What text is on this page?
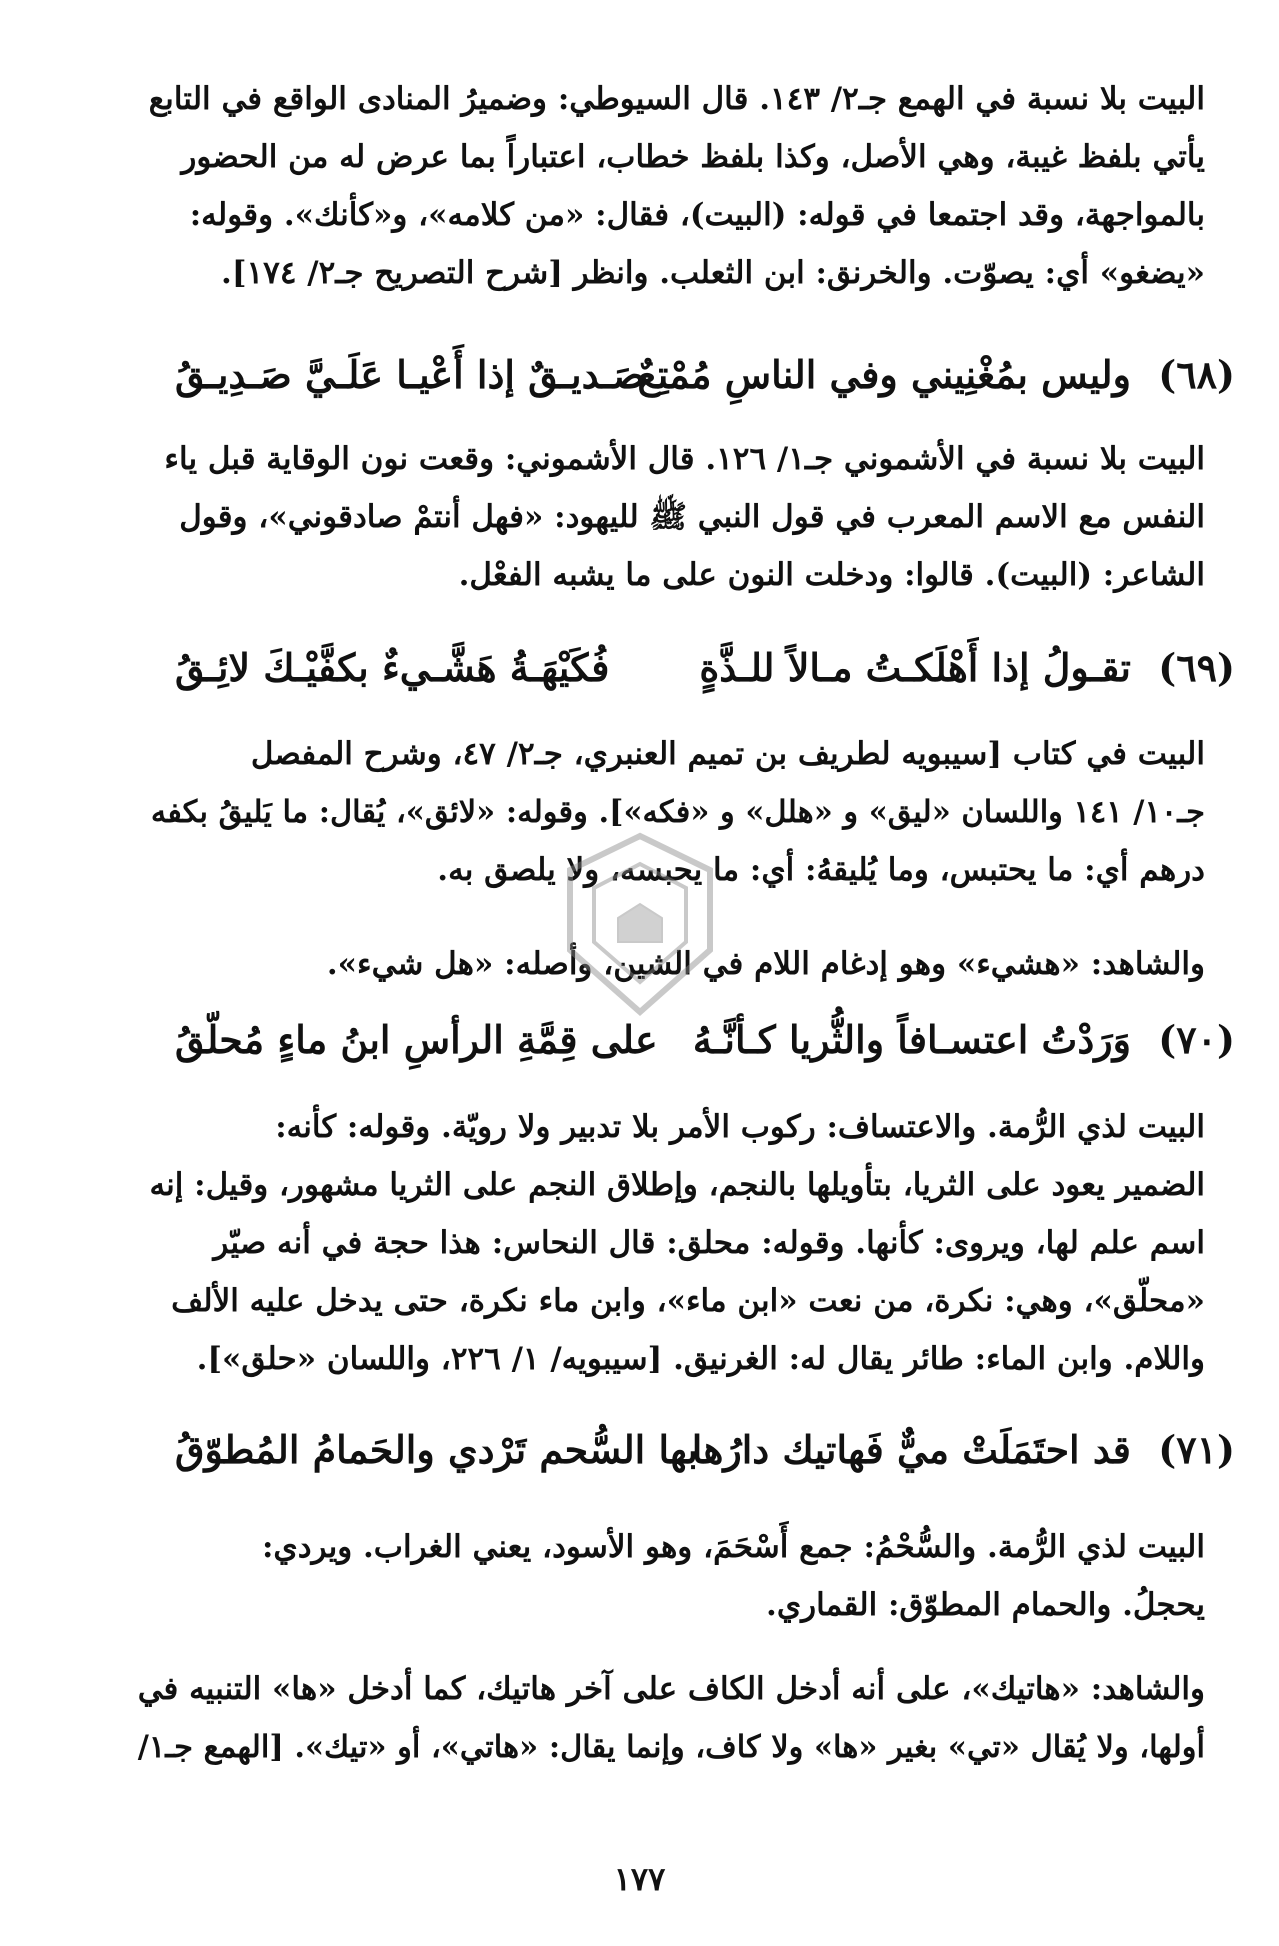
البيت بلا نسبة في الهمع جـ٢/ ١٤٣. قال السيوطي: وضميرُ المنادى الواقع في التابع
يأتي بلفظ غيبة، وهي الأصل، وكذا بلفظ خطاب، اعتباراً بما عرض له من الحضور
بالمواجهة، وقد اجتمعا في قوله: (البيت)، فقال: «من كلامه»، و«كأنك». وقوله:
«يضغو» أي: يصوّت. والخرنق: ابن الثعلب. وانظر [شرح التصريح جـ٢/ ١٧٤].
(٦٨) وليس بمُغْنِيني وفي الناسِ مُمْتِعٌ
صَـديـقٌ إذا أَعْيـا عَلَـيَّ صَـدِيـقُ
البيت بلا نسبة في الأشموني جـ١/ ١٢٦. قال الأشموني: وقعت نون الوقاية قبل ياء
النفس مع الاسم المعرب في قول النبي ﷺ لليهود: «فهل أنتمْ صادقوني»، وقول
الشاعر: (البيت). قالوا: ودخلت النون على ما يشبه الفعْل.
(٦٩) تقـولُ إذا أَهْلَكـتُ مـالاً للـذَّةٍ
فُكَيْهَـةُ هَشَّـيءٌ بكفَّيْـكَ لائِـقُ
البيت في كتاب [سيبويه لطريف بن تميم العنبري، جـ٢/ ٤٧، وشرح المفصل
جـ١٠/ ١٤١ واللسان «ليق» و «هلل» و «فكه»]. وقوله: «لائق»، يُقال: ما يَليقُ بكفه
درهم أي: ما يحتبس، وما يُليقهُ: أي: ما يحبسه، ولا يلصق به.
والشاهد: «هشيء» وهو إدغام اللام في الشين، وأصله: «هل شيء».
(٧٠) وَرَدْتُ اعتسـافاً والثُّريا كـأنَّـهُ
على قِمَّةِ الرأسِ ابنُ ماءٍ مُحلّقُ
البيت لذي الرُّمة. والاعتساف: ركوب الأمر بلا تدبير ولا رويّة. وقوله: كأنه:
الضمير يعود على الثريا، بتأويلها بالنجم، وإطلاق النجم على الثريا مشهور، وقيل: إنه
اسم علم لها، ويروى: كأنها. وقوله: محلق: قال النحاس: هذا حجة في أنه صيّر
«محلّق»، وهي: نكرة، من نعت «ابن ماء»، وابن ماء نكرة، حتى يدخل عليه الألف
واللام. وابن الماء: طائر يقال له: الغرنيق. [سيبويه/ ١/ ٢٢٦، واللسان «حلق»].
(٧١) قد احتَمَلَتْ ميٌّ فَهاتيك دارُها
بها السُّحم تَرْدي والحَمامُ المُطوّقُ
البيت لذي الرُّمة. والسُّحْمُ: جمع أَسْحَمَ، وهو الأسود، يعني الغراب. ويردي:
يحجلُ. والحمام المطوّق: القماري.
والشاهد: «هاتيك»، على أنه أدخل الكاف على آخر هاتيك، كما أدخل «ها» التنبيه في
أولها، ولا يُقال «تي» بغير «ها» ولا كاف، وإنما يقال: «هاتي»، أو «تيك». [الهمع جـ١/
١٧٧
